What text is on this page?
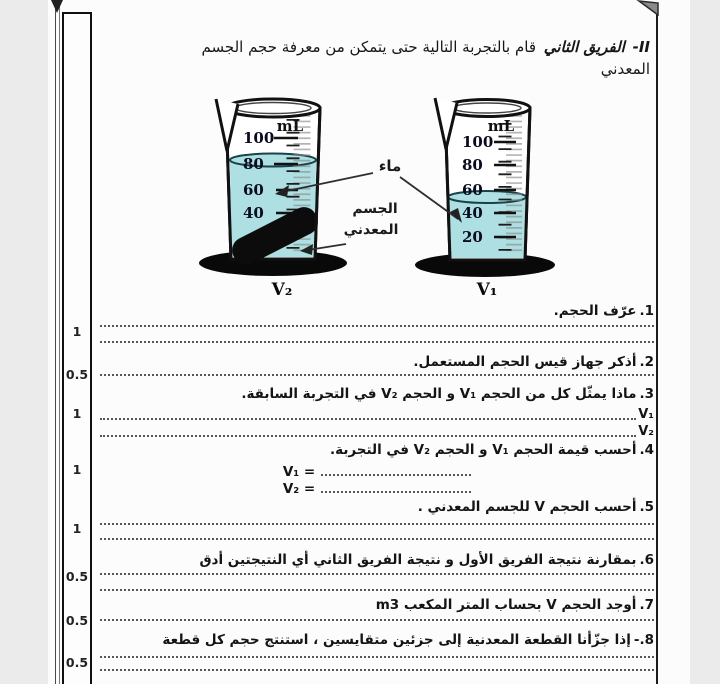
1
0.5
1
1
1
0.5
0.5
0.5
II- الفريق الثاني قام بالتجربة التالية حتى يتمكن من معرفة حجم الجسم
المعدني
mL
100
80
60
40
V₂
mL
100
80
60
40
20
V₁
ماء
الجسم
المعدني
1.عرّف الحجم.
2.أذكر جهاز قيس الحجم المستعمل.
3.ماذا يمثّل كل من الحجم V₁ و الحجم V₂ في التجربة السابقة.
V₁
V₂
4.أحسب قيمة الحجم V₁ و الحجم V₂ في التجربة.
V₁ =
V₂ =
5.أحسب الحجم V للجسم المعدني .
6.بمقارنة نتيجة الفريق الأول و نتيجة الفريق الثاني أي النتيجتين أدق
7.أوجد الحجم V بحساب المتر المكعب m3
8.-إذا جزّأنا القطعة المعدنية إلى جزئين متقايسين ، استنتج حجم كل قطعة
